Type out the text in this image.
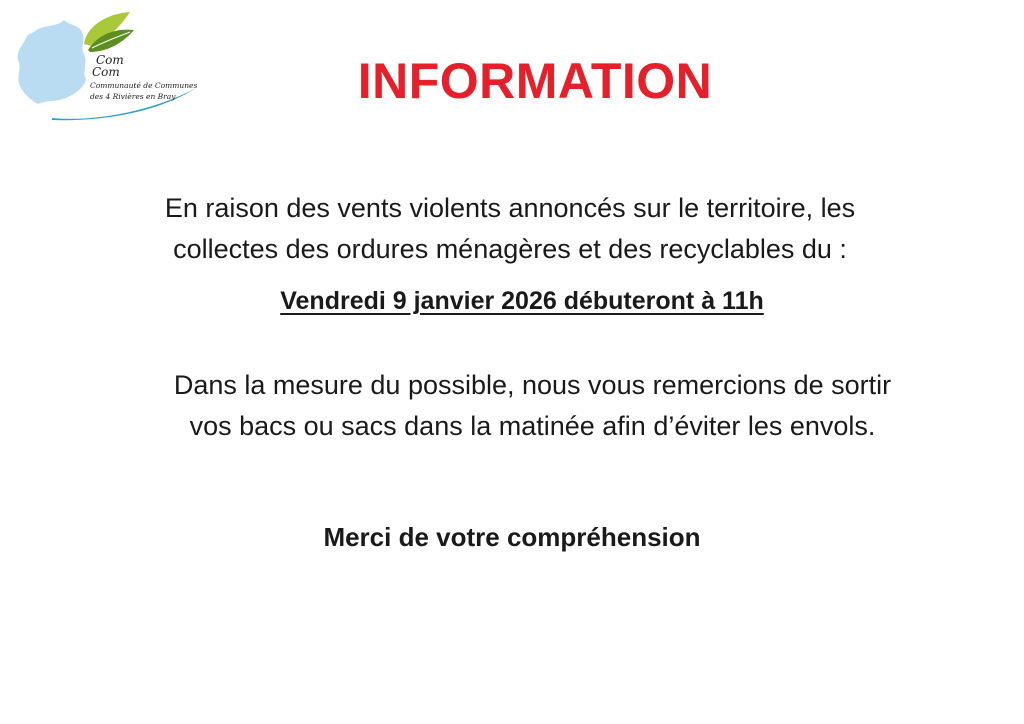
Com
Com
Communauté de Communes
des 4 Rivières en Bray	INFORMATION
En raison des vents violents annoncés sur le territoire, les
collectes des ordures ménagères et des recyclables du :
Vendredi 9 janvier 2026 débuteront à 11h
Dans la mesure du possible, nous vous remercions de sortir
vos bacs ou sacs dans la matinée afin d’éviter les envols.
Merci de votre compréhension
